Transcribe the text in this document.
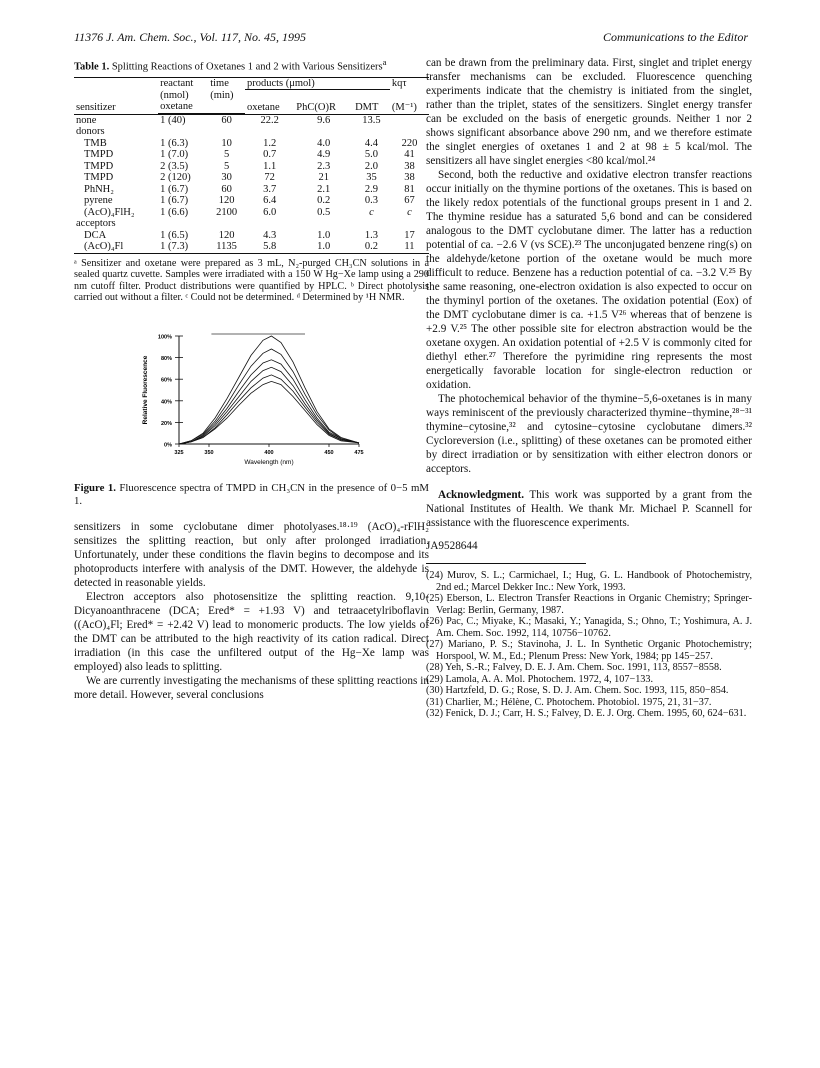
11376 J. Am. Chem. Soc., Vol. 117, No. 45, 1995	Communications to the Editor
Table 1. Splitting Reactions of Oxetanes 1 and 2 with Various Sensitizers$^a$
sensitizer	reactant	time	products (μmol)			kqτ
	(nmol)	(min)	oxetane	PhC(O)R	DMT	(M⁻¹)
	oxetane					

none	1 (40)	60	22.2	9.6	13.5	
donors						
TMB	1 (6.3)	10	1.2	4.0	4.4	220
TMPD	1 (7.0)	5	0.7	4.9	5.0	41
TMPD	2 (3.5)	5	1.1	2.3	2.0	38
TMPD	2 (120)	30	72	21	35	38
PhNH₂	1 (6.7)	60	3.7	2.1	2.9	81
pyrene	1 (6.7)	120	6.4	0.2	0.3	67
(AcO)₄FlH₂	1 (6.6)	2100	6.0	0.5	c	c
acceptors						
DCA	1 (6.5)	120	4.3	1.0	1.3	17
(AcO)₄Fl	1 (7.3)	1135	5.8	1.0	0.2	11

ᵃ Sensitizer and oxetane were prepared as 3 mL, N₂-purged CH₃CN solutions in a sealed quartz cuvette. Samples were irradiated with a 150 W Hg−Xe lamp using a 290 nm cutoff filter. Product distributions were quantified by HPLC. ᵇ Direct photolysis carried out without a filter. ᶜ Could not be determined. ᵈ Determined by ¹H NMR.
0%
20%
40%
60%
80%
100%
325	350	400	450	475
Wavelength (nm)
Relative Fluorescence
Figure 1. Fluorescence spectra of TMPD in CH₃CN in the presence of 0−5 mM 1.

sensitizers in some cyclobutane dimer photolyases.¹⁸·¹⁹ (AcO)₄-rFlH₂ sensitizes the splitting reaction, but only after prolonged irradiation. Unfortunately, under these conditions the flavin begins to decompose and its photoproducts interfere with analysis of the DMT. However, the aldehyde is detected in reasonable yields.

Electron acceptors also photosensitize the splitting reaction. 9,10-Dicyanoanthracene (DCA; Ered* = +1.93 V) and tetraacetylriboflavin ((AcO)₄Fl; Ered* = +2.42 V) lead to monomeric products. The low yields of the DMT can be attributed to the high reactivity of its cation radical. Direct irradiation (in this case the unfiltered output of the Hg−Xe lamp was employed) also leads to splitting.

We are currently investigating the mechanisms of these splitting reactions in more detail. However, several conclusions

can be drawn from the preliminary data. First, singlet and triplet energy transfer mechanisms can be excluded. Fluorescence quenching experiments indicate that the chemistry is initiated from the singlet, rather than the triplet, states of the sensitizers. Singlet energy transfer can be excluded on the basis of energetic grounds. Neither 1 nor 2 shows significant absorbance above 290 nm, and we therefore estimate the singlet energies of oxetanes 1 and 2 at 98 ± 5 kcal/mol. The sensitizers all have singlet energies <80 kcal/mol.²⁴

Second, both the reductive and oxidative electron transfer reactions occur initially on the thymine portions of the oxetanes. This is based on the likely redox potentials of the functional groups present in 1 and 2. The thymine residue has a saturated 5,6 bond and can be considered analogous to the DMT cyclobutane dimer. The latter has a reduction potential of ca. −2.6 V (vs SCE).²³ The unconjugated benzene ring(s) on the aldehyde/ketone portion of the oxetane would be much more difficult to reduce. Benzene has a reduction potential of ca. −3.2 V.²⁵ By the same reasoning, one-electron oxidation is also expected to occur on the thyminyl portion of the oxetanes. The oxidation potential (Eox) of the DMT cyclobutane dimer is ca. +1.5 V²⁶ whereas that of benzene is +2.9 V.²⁵ The other possible site for electron abstraction would be the oxetane oxygen. An oxidation potential of +2.5 V is commonly cited for diethyl ether.²⁷ Therefore the pyrimidine ring represents the most energetically favorable location for single-electron reduction or oxidation.

The photochemical behavior of the thymine−5,6-oxetanes is in many ways reminiscent of the previously characterized thymine−thymine,²⁸⁻³¹ thymine−cytosine,³² and cytosine−cytosine cyclobutane dimers.³² Cycloreversion (i.e., splitting) of these oxetanes can be promoted either by direct irradiation or by sensitization with either electron donors or acceptors.

Acknowledgment. This work was supported by a grant from the National Institutes of Health. We thank Mr. Michael P. Scannell for assistance with the fluorescence experiments.

JA9528644
(24) Murov, S. L.; Carmichael, I.; Hug, G. L. Handbook of Photochemistry, 2nd ed.; Marcel Dekker Inc.: New York, 1993.
(25) Eberson, L. Electron Transfer Reactions in Organic Chemistry; Springer-Verlag: Berlin, Germany, 1987.
(26) Pac, C.; Miyake, K.; Masaki, Y.; Yanagida, S.; Ohno, T.; Yoshimura, A. J. Am. Chem. Soc. 1992, 114, 10756−10762.
(27) Mariano, P. S.; Stavinoha, J. L. In Synthetic Organic Photochemistry; Horspool, W. M., Ed.; Plenum Press: New York, 1984; pp 145−257.
(28) Yeh, S.-R.; Falvey, D. E. J. Am. Chem. Soc. 1991, 113, 8557−8558.
(29) Lamola, A. A. Mol. Photochem. 1972, 4, 107−133.
(30) Hartzfeld, D. G.; Rose, S. D. J. Am. Chem. Soc. 1993, 115, 850−854.
(31) Charlier, M.; Hélène, C. Photochem. Photobiol. 1975, 21, 31−37.
(32) Fenick, D. J.; Carr, H. S.; Falvey, D. E. J. Org. Chem. 1995, 60, 624−631.
